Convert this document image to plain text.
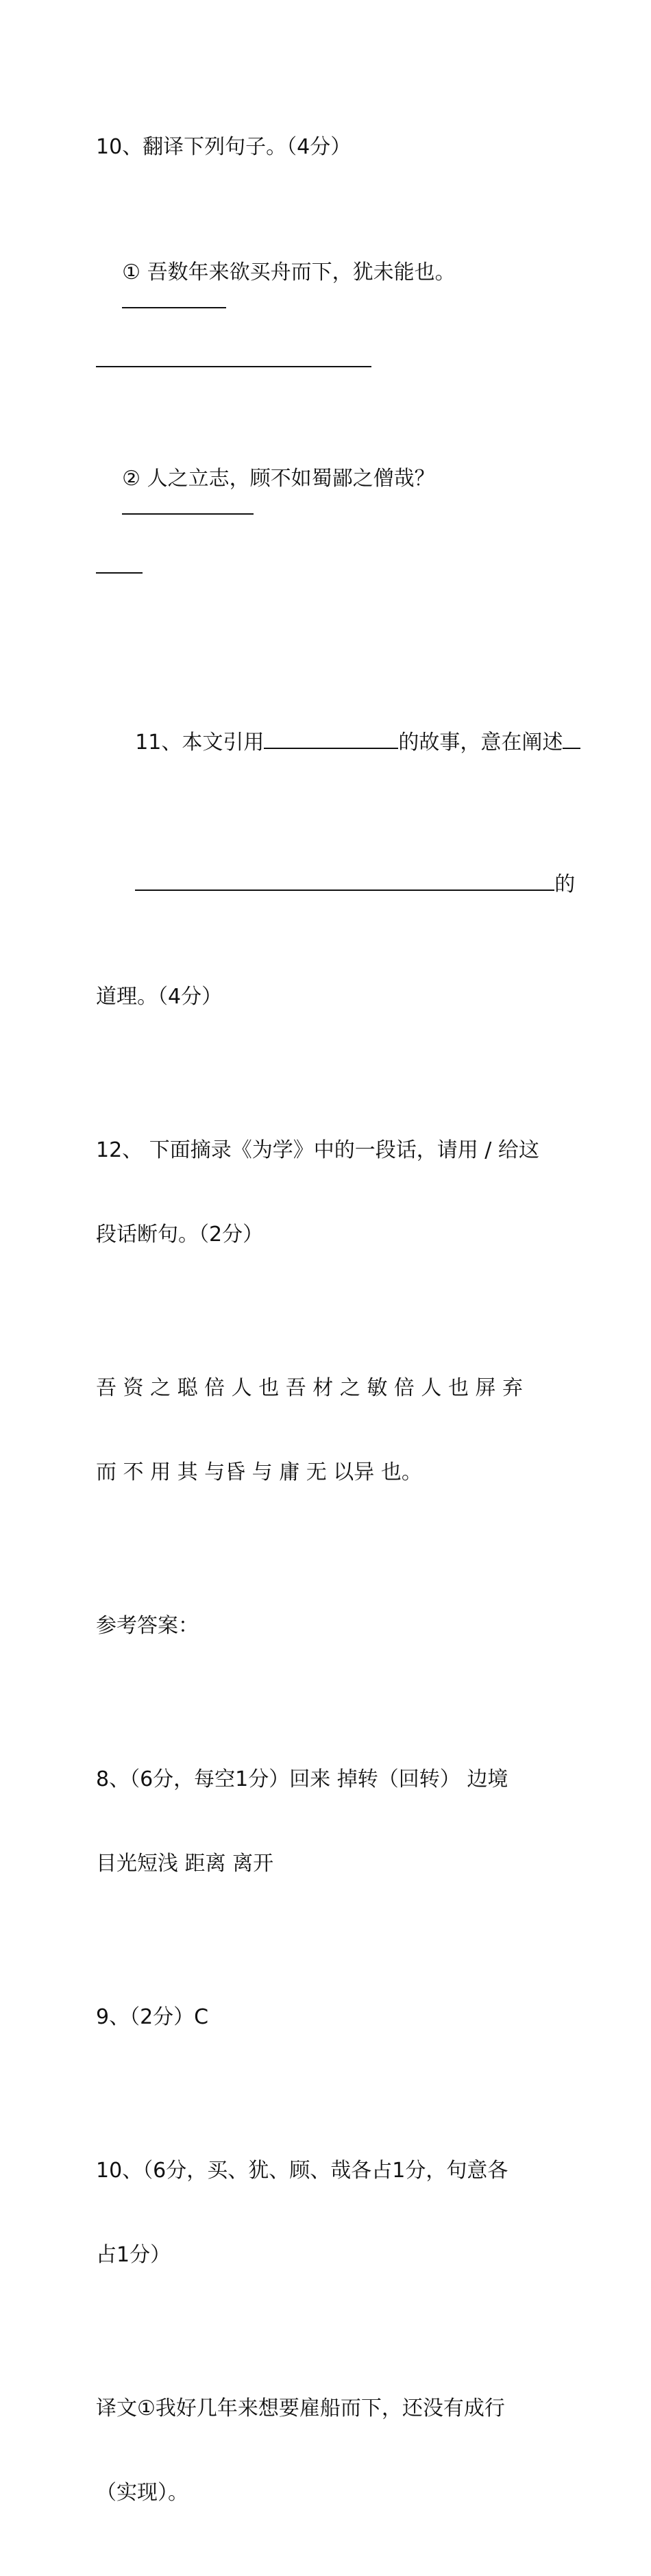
10、翻译下列句子。（4分）

① 吾数年来欲买舟而下，犹未能也。

② 人之立志，顾不如蜀鄙之僧哉？

11、本文引用	的故事，意在阐述

的

道理。（4分）

12、 下面摘录《为学》中的一段话，请用 / 给这

段话断句。（2分）

吾 资 之 聪 倍 人 也 吾 材 之 敏 倍 人 也 屏 弃

而 不 用 其 与昏 与 庸 无 以异 也。

参考答案：

8、（6分，每空1分）回来 掉转（回转） 边境

目光短浅 距离 离开

9、（2分）C

10、（6分，买、犹、顾、哉各占1分，句意各

占1分）

译文①我好几年来想要雇船而下，还没有成行

（实现）。
